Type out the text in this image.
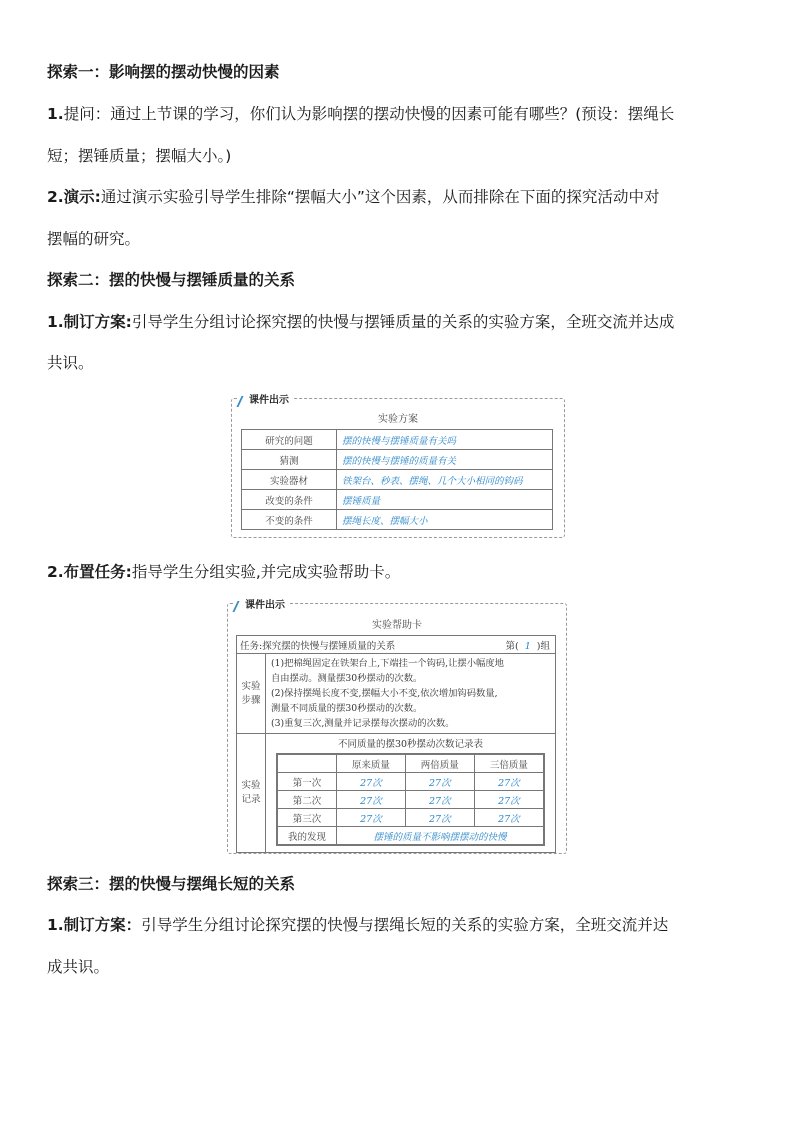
探索一：影响摆的摆动快慢的因素
1.提问：通过上节课的学习，你们认为影响摆的摆动快慢的因素可能有哪些？(预设：摆绳长
短；摆锤质量；摆幅大小。)
2.演示:通过演示实验引导学生排除“摆幅大小”这个因素，从而排除在下面的探究活动中对
摆幅的研究。
探索二：摆的快慢与摆锤质量的关系
1.制订方案:引导学生分组讨论探究摆的快慢与摆锤质量的关系的实验方案，全班交流并达成
共识。
课件出示
实验方案
研究的问题	摆的快慢与摆锤质量有关吗
猜测	摆的快慢与摆锤的质量有关
实验器材	铁架台、秒表、摆绳、几个大小相同的钩码
改变的条件	摆锤质量
不变的条件	摆绳长度、摆幅大小
2.布置任务:指导学生分组实验,并完成实验帮助卡。
课件出示
实验帮助卡
任务:探究摆的快慢与摆锤质量的关系	第( 1 )组

实验步骤	
(1)把棉绳固定在铁架台上,下端挂一个钩码,让摆小幅度地
自由摆动。测量摆30秒摆动的次数。
(2)保持摆绳长度不变,摆幅大小不变,依次增加钩码数量,
测量不同质量的摆30秒摆动的次数。
(3)重复三次,测量并记录摆每次摆动的次数。

实验记录	
不同质量的摆30秒摆动次数记录表
	原来质量	两倍质量	三倍质量
第一次	27次	27次	27次
第二次	27次	27次	27次
第三次	27次	27次	27次
我的发现	摆锤的质量不影响摆摆动的快慢
探索三：摆的快慢与摆绳长短的关系
1.制订方案：引导学生分组讨论探究摆的快慢与摆绳长短的关系的实验方案，全班交流并达
成共识。
